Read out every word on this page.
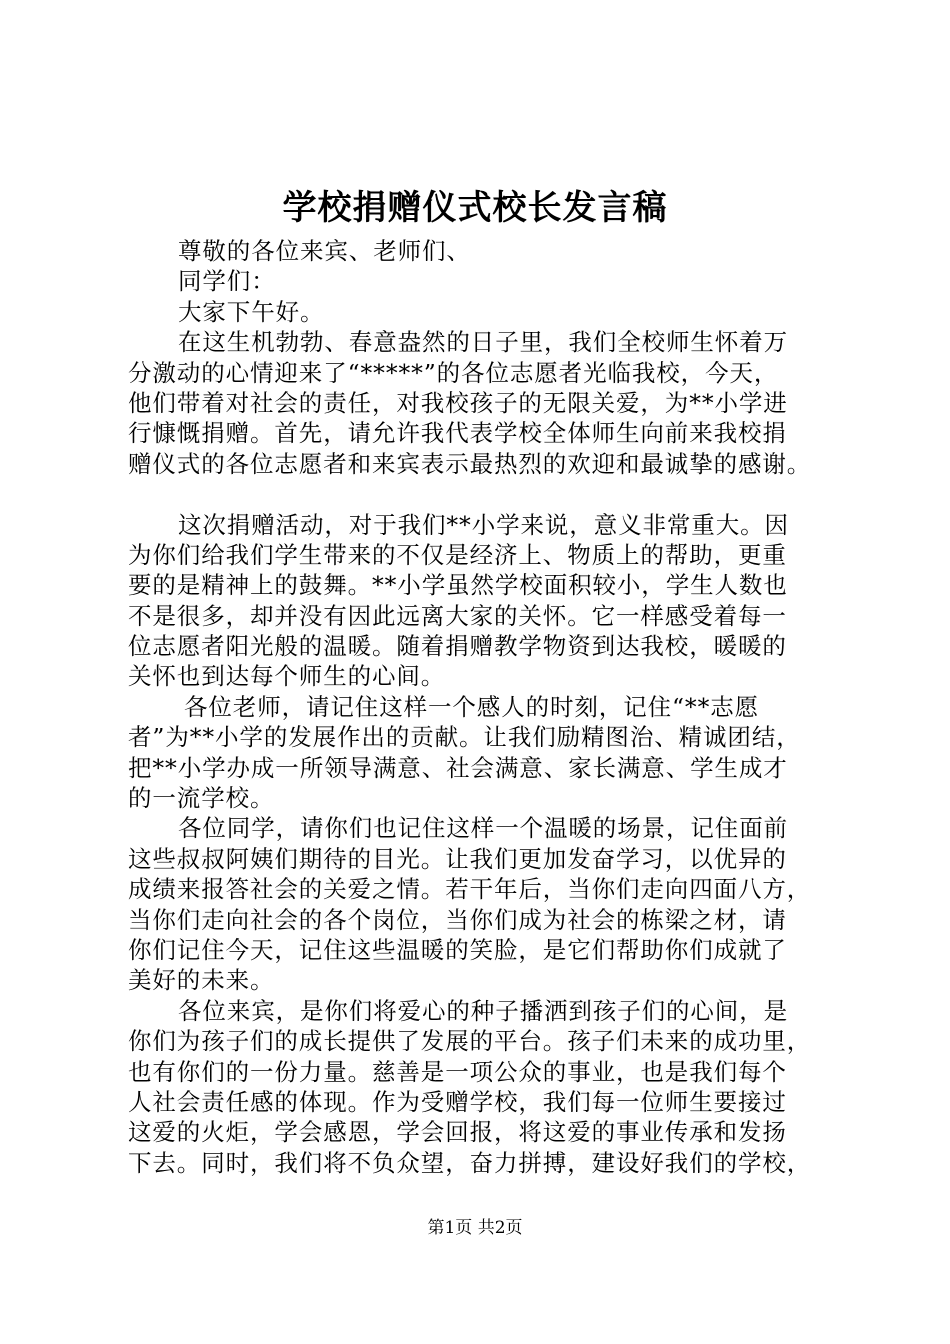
学校捐赠仪式校长发言稿
尊敬的各位来宾、老师们、
同学们：
大家下午好。
在这生机勃勃、春意盎然的日子里，我们全校师生怀着万
分激动的心情迎来了“*****”的各位志愿者光临我校，今天，
他们带着对社会的责任，对我校孩子的无限关爱，为**小学进
行慷慨捐赠。首先，请允许我代表学校全体师生向前来我校捐
赠仪式的各位志愿者和来宾表示最热烈的欢迎和最诚挚的感谢。
这次捐赠活动，对于我们**小学来说，意义非常重大。因
为你们给我们学生带来的不仅是经济上、物质上的帮助，更重
要的是精神上的鼓舞。**小学虽然学校面积较小，学生人数也
不是很多，却并没有因此远离大家的关怀。它一样感受着每一
位志愿者阳光般的温暖。随着捐赠教学物资到达我校，暖暖的
关怀也到达每个师生的心间。
各位老师，请记住这样一个感人的时刻，记住“**志愿
者”为**小学的发展作出的贡献。让我们励精图治、精诚团结，
把**小学办成一所领导满意、社会满意、家长满意、学生成才
的一流学校。
各位同学，请你们也记住这样一个温暖的场景，记住面前
这些叔叔阿姨们期待的目光。让我们更加发奋学习，以优异的
成绩来报答社会的关爱之情。若干年后，当你们走向四面八方，
当你们走向社会的各个岗位，当你们成为社会的栋梁之材，请
你们记住今天，记住这些温暖的笑脸，是它们帮助你们成就了
美好的未来。
各位来宾，是你们将爱心的种子播洒到孩子们的心间，是
你们为孩子们的成长提供了发展的平台。孩子们未来的成功里，
也有你们的一份力量。慈善是一项公众的事业，也是我们每个
人社会责任感的体现。作为受赠学校，我们每一位师生要接过
这爱的火炬，学会感恩，学会回报，将这爱的事业传承和发扬
下去。同时，我们将不负众望，奋力拼搏，建设好我们的学校，
第1页 共2页
